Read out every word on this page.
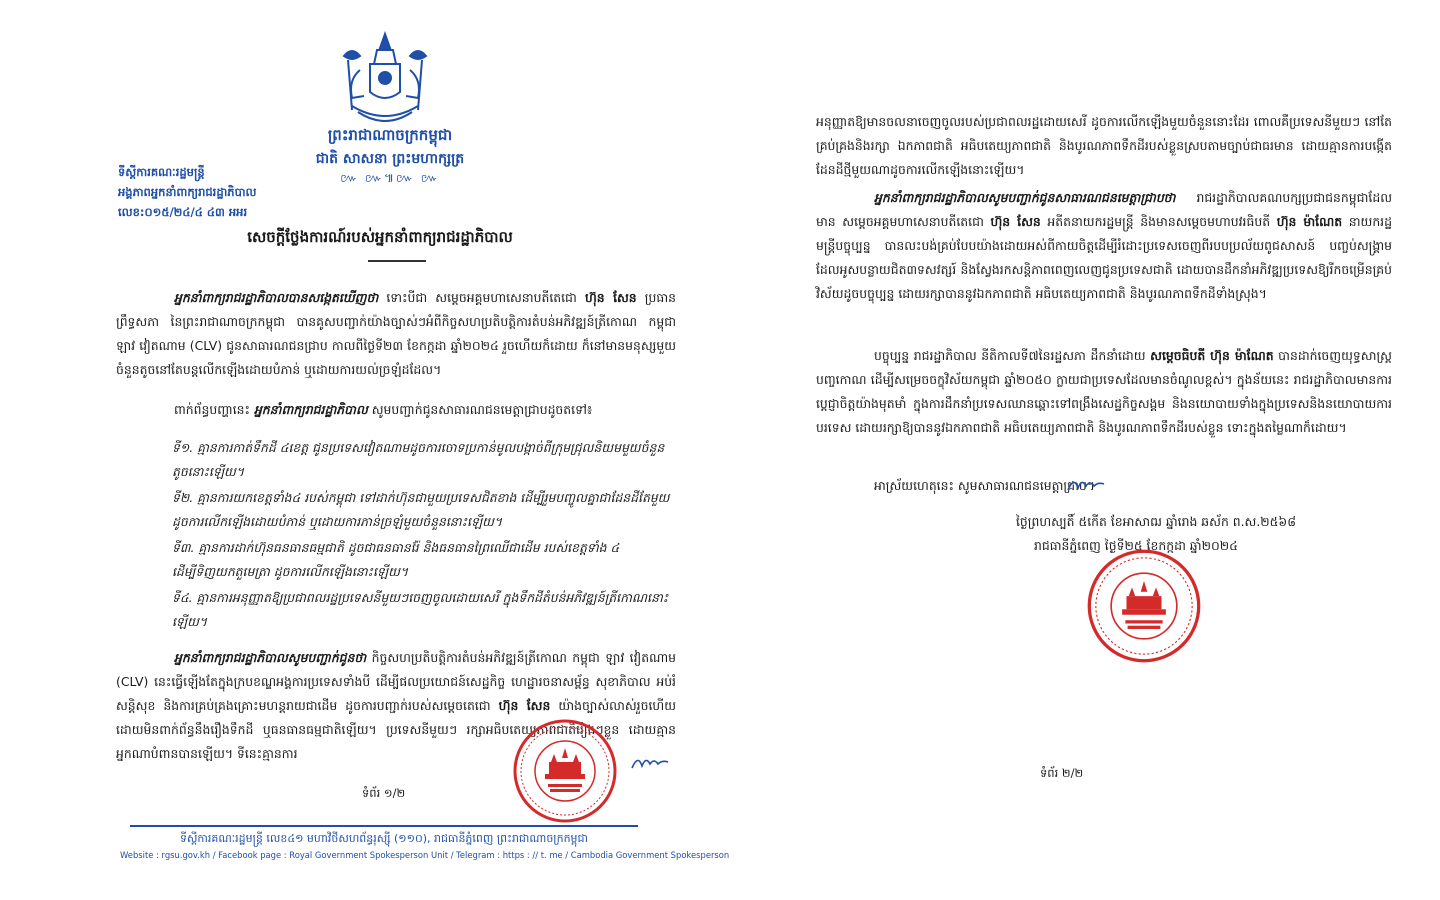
ព្រះរាជាណាចក្រកម្ពុជា
ជាតិ សាសនា ព្រះមហាក្សត្រ
៚ ៚៕៚ ៚
ទីស្ដីការគណៈរដ្ឋមន្ត្រី
អង្គភាពអ្នកនាំពាក្យរាជរដ្ឋាភិបាល
លេខ:០១៥/២៤/៤ ៤៣ អអរ
សេចក្ដីថ្លែងការណ៍របស់អ្នកនាំពាក្យរាជរដ្ឋាភិបាល

អ្នកនាំពាក្យរាជរដ្ឋាភិបាលបានសង្កេតឃើញថា ទោះបីជា សម្ដេចអគ្គមហាសេនាបតីតេជោ ហ៊ុន សែន ប្រធានព្រឹទ្ធសភា នៃព្រះរាជាណាចក្រកម្ពុជា បានគូសបញ្ជាក់យ៉ាងច្បាស់ៗអំពីកិច្ចសហប្រតិបត្តិការតំបន់អភិវឌ្ឍន៍ត្រីកោណ កម្ពុជា ឡាវ វៀតណាម (CLV) ជូនសាធារណជនជ្រាប កាលពីថ្ងៃទី២៣ ខែកក្កដា ឆ្នាំ២០២៤ រួចហើយក៏ដោយ ក៏នៅមានមនុស្សមួយចំនួនតូចនៅតែបន្តលើកឡើងដោយបំភាន់ ឬដោយការយល់ច្រឡំដដែល។

ពាក់ព័ន្ធបញ្ហានេះ អ្នកនាំពាក្យរាជរដ្ឋាភិបាល សូមបញ្ជាក់ជូនសាធារណជនមេត្តាជ្រាបដូចតទៅ៖

ទី១. គ្មានការកាត់ទឹកដី ៤ខេត្ត ជូនប្រទេសវៀតណាមដូចការចោទប្រកាន់មូលបង្កាច់ពីក្រុមជ្រុលនិយមមួយចំនួនតូចនោះឡើយ។

ទី២. គ្មានការយកខេត្តទាំង៤ របស់កម្ពុជា ទៅដាក់ហ៊ុនជាមួយប្រទេសជិតខាង ដើម្បីរួមបញ្ចូលគ្នាជាដែនដីតែមួយ ដូចការលើកឡើងដោយបំភាន់ ឬដោយការភាន់ច្រឡំមួយចំនួននោះឡើយ។

ទី៣. គ្មានការដាក់ហ៊ុនធនធានធម្មជាតិ ដូចជាធនធានរ៉ែ និងធនធានព្រៃឈើជាដើម របស់ខេត្តទាំង ៤ ដើម្បីទិញយកតួមេត្រា ដូចការលើកឡើងនោះឡើយ។

ទី៤. គ្មានការអនុញ្ញាតឱ្យប្រជាពលរដ្ឋប្រទេសនីមួយៗចេញចូលដោយសេរី ក្នុងទឹកដីតំបន់អភិវឌ្ឍន៍ត្រីកោណនោះឡើយ។

អ្នកនាំពាក្យរាជរដ្ឋាភិបាលសូមបញ្ជាក់ជូនថា កិច្ចសហប្រតិបត្តិការតំបន់អភិវឌ្ឍន៍ត្រីកោណ កម្ពុជា ឡាវ វៀតណាម (CLV) នេះធ្វើឡើងតែក្នុងក្របខណ្ឌអង្គការប្រទេសទាំងបី ដើម្បីផលប្រយោជន៍សេដ្ឋកិច្ច ហេដ្ឋារចនាសម្ព័ន្ធ សុខាភិបាល អប់រំ សន្តិសុខ និងការគ្រប់គ្រងគ្រោះមហន្តរាយជាដើម ដូចការបញ្ជាក់របស់សម្ដេចតេជោ ហ៊ុន សែន យ៉ាងច្បាស់លាស់រួចហើយដោយមិនពាក់ព័ន្ធនឹងរឿងទឹកដី ឬធនធានធម្មជាតិឡើយ។ ប្រទេសនីមួយៗ រក្សាអធិបតេយ្យភាពជាតិរៀងៗខ្លួន ដោយគ្មានអ្នកណាបំពានបានឡើយ។ ទីនេះគ្មានការ

ទំព័រ ១/២
ទីស្ដីការគណៈរដ្ឋមន្ត្រី លេខ៤១ មហាវិថីសហព័ន្ធរុស្ស៊ី (១១០), រាជធានីភ្នំពេញ ព្រះរាជាណាចក្រកម្ពុជា
Website : rgsu.gov.kh / Facebook page : Royal Government Spokesperson Unit / Telegram : https : // t. me / Cambodia Government Spokesperson

អនុញ្ញាតឱ្យមានចលនាចេញចូលរបស់ប្រជាពលរដ្ឋដោយសេរី ដូចការលើកឡើងមួយចំនួននោះដែរ ពោលគឺប្រទេសនីមួយៗ នៅតែគ្រប់គ្រងនិងរក្សា ឯកភាពជាតិ អធិបតេយ្យភាពជាតិ និងបូរណភាពទឹកដីរបស់ខ្លួនស្របតាមច្បាប់ជាធរមាន ដោយគ្មានការបង្កើតដែនដីថ្មីមួយណាដូចការលើកឡើងនោះឡើយ។

អ្នកនាំពាក្យរាជរដ្ឋាភិបាលសូមបញ្ជាក់ជូនសាធារណជនមេត្តាជ្រាបថា រាជរដ្ឋាភិបាលគណបក្សប្រជាជនកម្ពុជាដែលមាន សម្ដេចអគ្គមហាសេនាបតីតេជោ ហ៊ុន សែន អតីតនាយករដ្ឋមន្ត្រី និងមានសម្ដេចមហាបវរធិបតី ហ៊ុន ម៉ាណែត នាយករដ្ឋមន្ត្រីបច្ចុប្បន្ន បានលះបង់គ្រប់បែបយ៉ាងដោយអស់ពីកាយចិត្តដើម្បីរំដោះប្រទេសចេញពីរបបប្រល័យពូជសាសន៍ បញ្ចប់សង្គ្រាមដែលអូសបន្លាយជិត៣ទសវត្សរ៍ និងស្វែងរកសន្តិភាពពេញលេញជូនប្រទេសជាតិ ដោយបានដឹកនាំអភិវឌ្ឍប្រទេសឱ្យរីកចម្រើនគ្រប់វិស័យដូចបច្ចុប្បន្ន ដោយរក្សាបាននូវឯកភាពជាតិ អធិបតេយ្យភាពជាតិ និងបូរណភាពទឹកដីទាំងស្រុង។

បច្ចុប្បន្ន រាជរដ្ឋាភិបាល នីតិកាលទី៧នៃរដ្ឋសភា ដឹកនាំដោយ សម្ដេចធិបតី ហ៊ុន ម៉ាណែត បានដាក់ចេញយុទ្ធសាស្ត្របញ្ចកោណ ដើម្បីសម្រេចចក្ខុវិស័យកម្ពុជា ឆ្នាំ២០៥០ ក្លាយជាប្រទេសដែលមានចំណូលខ្ពស់។ ក្នុងន័យនេះ រាជរដ្ឋាភិបាលមានការប្ដេជ្ញាចិត្តយ៉ាងមុតមាំ ក្នុងការដឹកនាំប្រទេសឈានឆ្ពោះទៅពង្រឹងសេដ្ឋកិច្ចសង្គម និងនយោបាយទាំងក្នុងប្រទេសនិងនយោបាយការបរទេស ដោយរក្សាឱ្យបាននូវឯកភាពជាតិ អធិបតេយ្យភាពជាតិ និងបូរណភាពទឹកដីរបស់ខ្លួន ទោះក្នុងតម្លៃណាក៏ដោយ។

អាស្រ័យហេតុនេះ សូមសាធារណជនមេត្តាជ្រាប។

ថ្ងៃព្រហស្បតិ៍ ៥កើត ខែអាសាឍ ឆ្នាំរោង ឆស័ក ព.ស.២៥៦៨
រាជធានីភ្នំពេញ ថ្ងៃទី២៥ ខែកក្កដា ឆ្នាំ២០២៤
ទំព័រ ២/២
